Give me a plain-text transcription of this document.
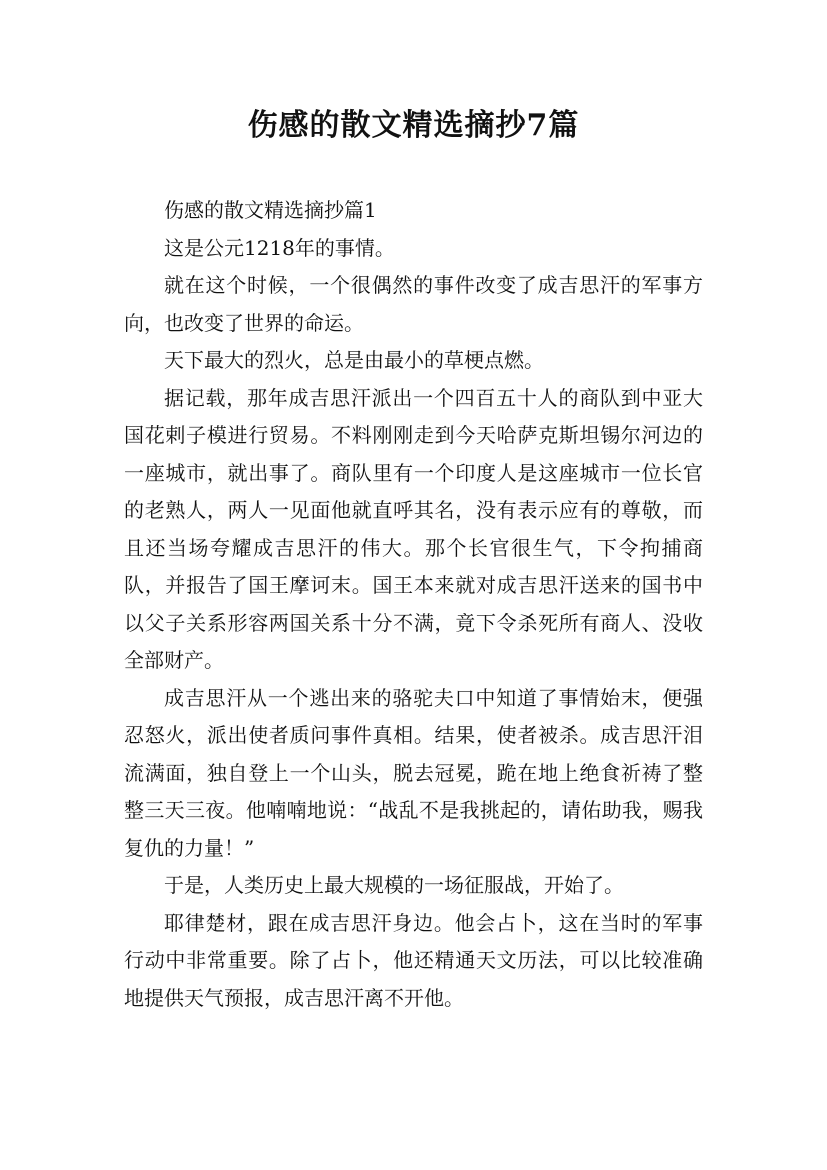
伤感的散文精选摘抄7篇

伤感的散文精选摘抄篇1

这是公元1218年的事情。

就在这个时候，一个很偶然的事件改变了成吉思汗的军事方向，也改变了世界的命运。

天下最大的烈火，总是由最小的草梗点燃。

据记载，那年成吉思汗派出一个四百五十人的商队到中亚大国花剌子模进行贸易。不料刚刚走到今天哈萨克斯坦锡尔河边的一座城市，就出事了。商队里有一个印度人是这座城市一位长官的老熟人，两人一见面他就直呼其名，没有表示应有的尊敬，而且还当场夸耀成吉思汗的伟大。那个长官很生气，下令拘捕商队，并报告了国王摩诃末。国王本来就对成吉思汗送来的国书中以父子关系形容两国关系十分不满，竟下令杀死所有商人、没收全部财产。

成吉思汗从一个逃出来的骆驼夫口中知道了事情始末，便强忍怒火，派出使者质问事件真相。结果，使者被杀。成吉思汗泪流满面，独自登上一个山头，脱去冠冕，跪在地上绝食祈祷了整整三天三夜。他喃喃地说：“战乱不是我挑起的，请佑助我，赐我复仇的力量！”

于是，人类历史上最大规模的一场征服战，开始了。

耶律楚材，跟在成吉思汗身边。他会占卜，这在当时的军事行动中非常重要。除了占卜，他还精通天文历法，可以比较准确地提供天气预报，成吉思汗离不开他。
